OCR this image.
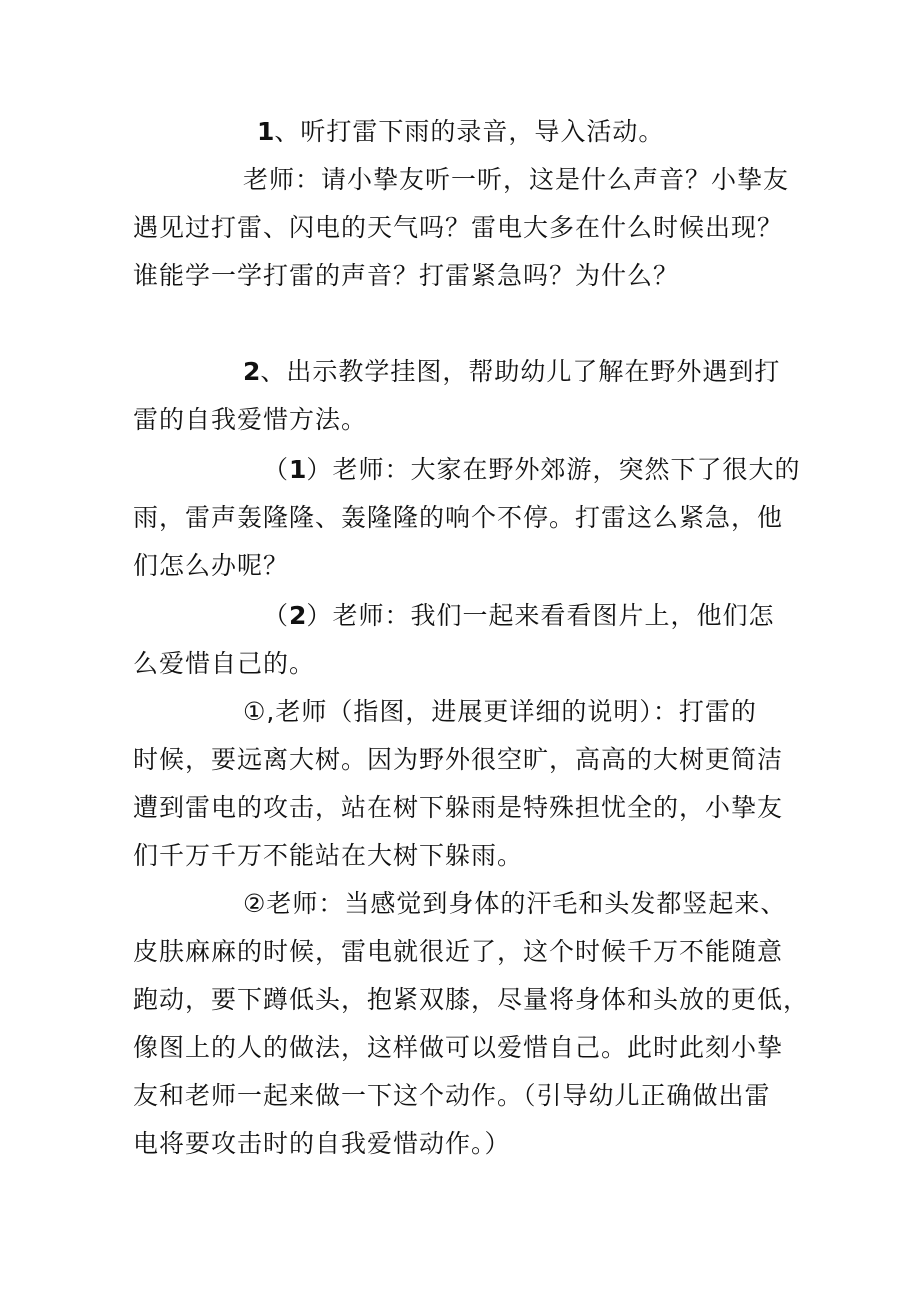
1、听打雷下雨的录音，导入活动。
老师：请小挚友听一听，这是什么声音？小挚友
遇见过打雷、闪电的天气吗？雷电大多在什么时候出现？
谁能学一学打雷的声音？打雷紧急吗？为什么？
2、出示教学挂图，帮助幼儿了解在野外遇到打
雷的自我爱惜方法。
（1）老师：大家在野外郊游，突然下了很大的
雨，雷声轰隆隆、轰隆隆的响个不停。打雷这么紧急，他
们怎么办呢？
（2）老师：我们一起来看看图片上，他们怎
么爱惜自己的。
①,老师（指图，进展更详细的说明）：打雷的
时候，要远离大树。因为野外很空旷，高高的大树更简洁
遭到雷电的攻击，站在树下躲雨是特殊担忧全的，小挚友
们千万千万不能站在大树下躲雨。
②老师：当感觉到身体的汗毛和头发都竖起来、
皮肤麻麻的时候，雷电就很近了，这个时候千万不能随意
跑动，要下蹲低头，抱紧双膝，尽量将身体和头放的更低，
像图上的人的做法，这样做可以爱惜自己。此时此刻小挚
友和老师一起来做一下这个动作。（引导幼儿正确做出雷
电将要攻击时的自我爱惜动作。）
